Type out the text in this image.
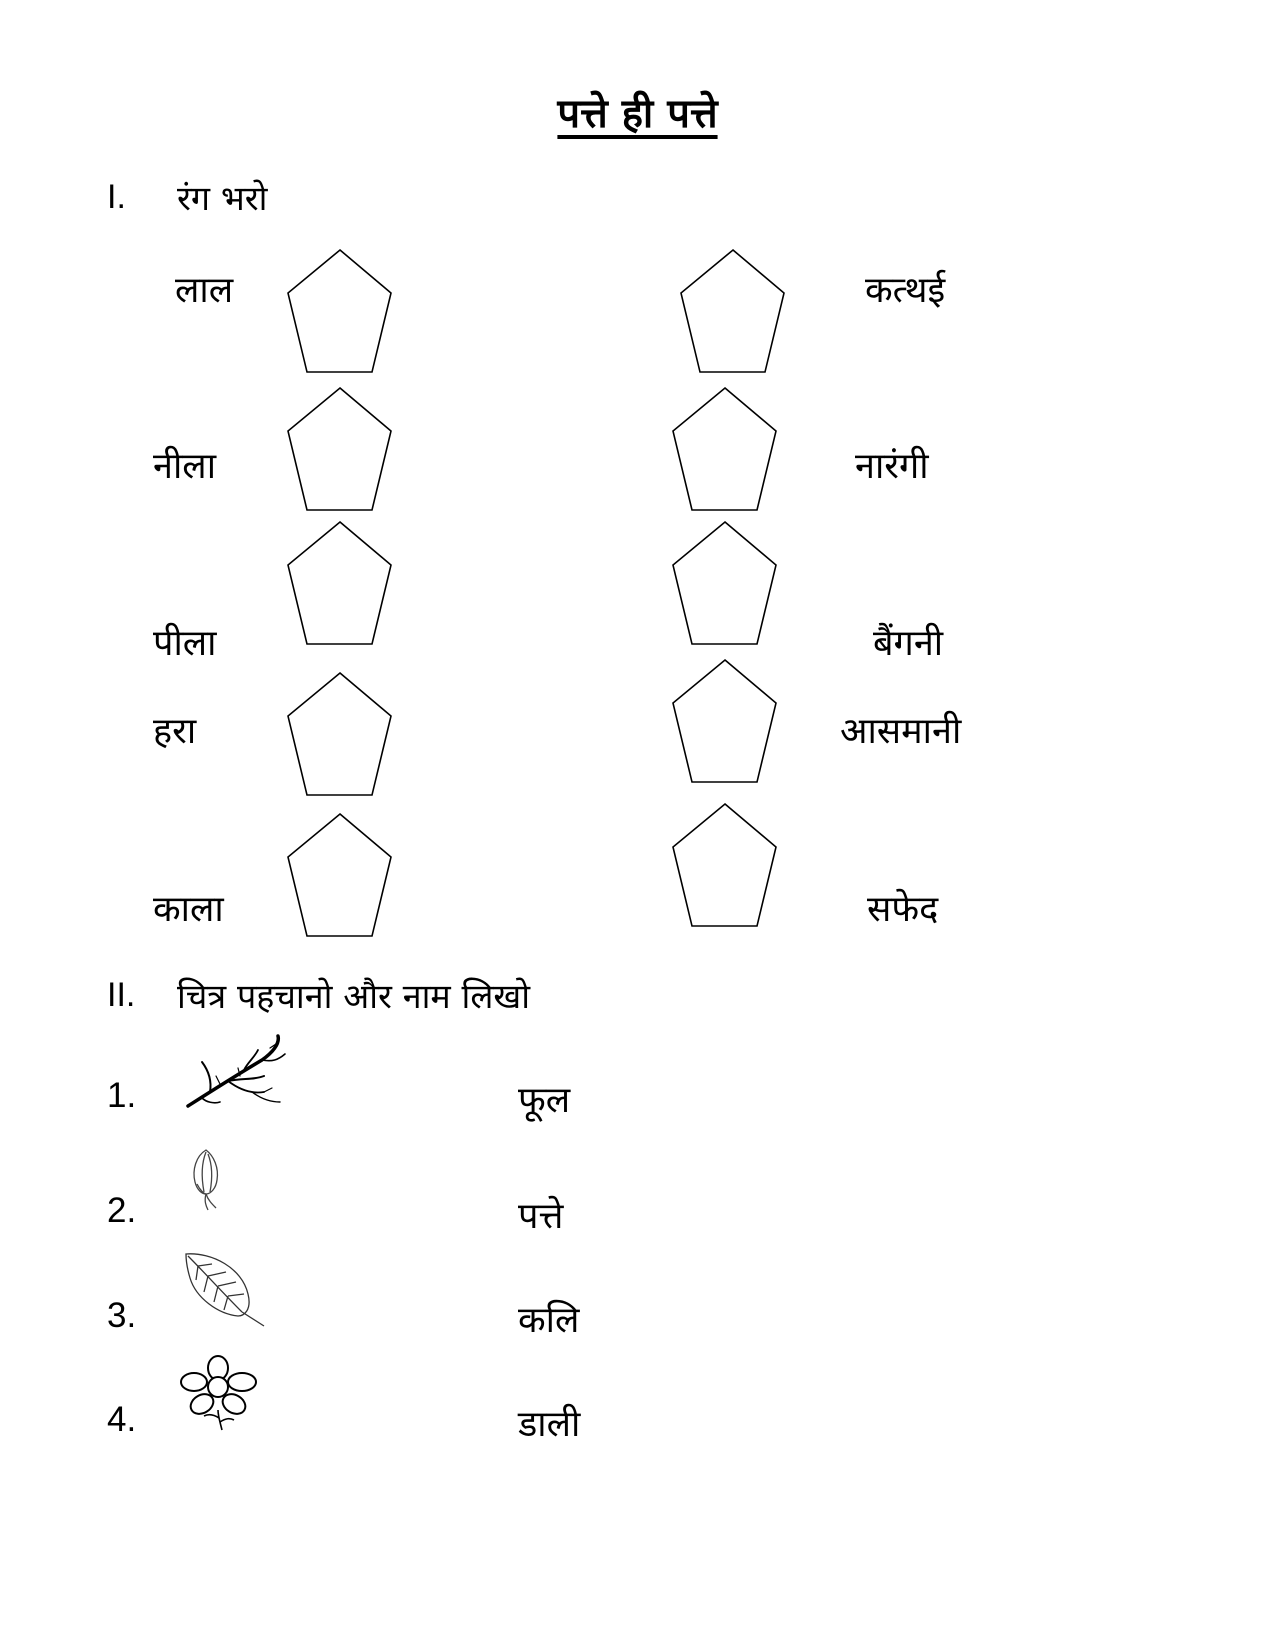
पत्ते ही पत्ते
I. रंग भरो
लाल
नीला
पीला
हरा
काला
कत्थई
नारंगी
बैंगनी
आसमानी
सफेद
II. चित्र पहचानो और नाम लिखो
1.
2.
3.
4.
फूल
पत्ते
कलि
डाली
